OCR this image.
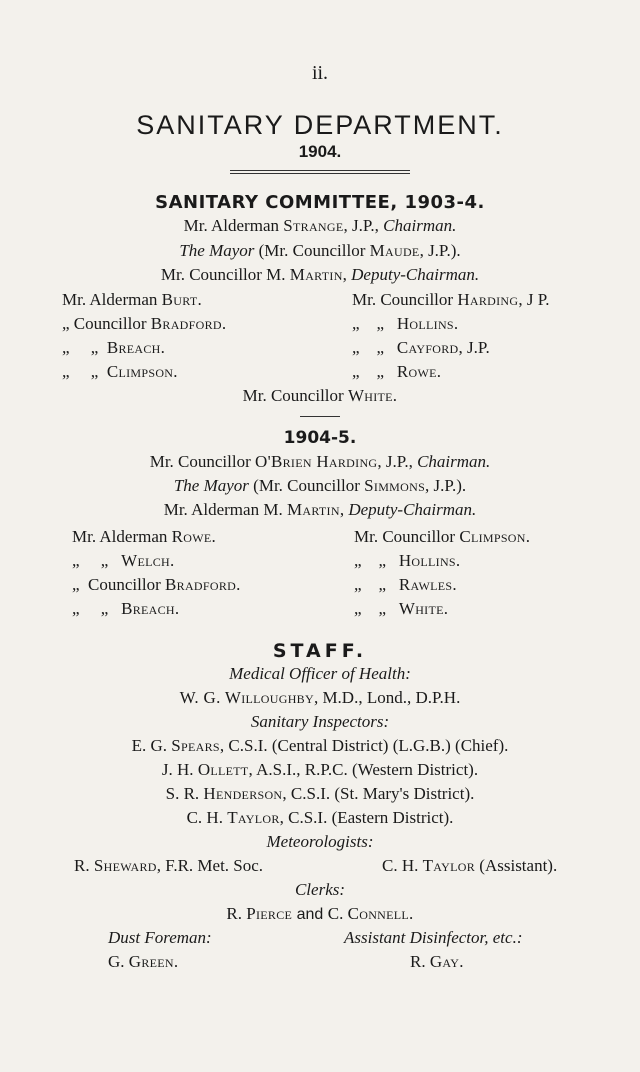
ii.
SANITARY DEPARTMENT.
1904.
SANITARY COMMITTEE, 1903-4.
Mr. Alderman Strange, J.P., Chairman.
The Mayor (Mr. Councillor Maude, J.P.).
Mr. Councillor M. Martin, Deputy-Chairman.
Mr. Alderman Burt.
„ Councillor Bradford.
„     „  Breach.
„     „  Climpson.
Mr. Councillor Harding, J P.
„    „   Hollins.
„    „   Cayford, J.P.
„    „   Rowe.
Mr. Councillor White.
1904-5.
Mr. Councillor O'Brien Harding, J.P., Chairman.
The Mayor (Mr. Councillor Simmons, J.P.).
Mr. Alderman M. Martin, Deputy-Chairman.
Mr. Alderman Rowe.
„     „   Welch.
„  Councillor Bradford.
„     „   Breach.
Mr. Councillor Climpson.
„    „   Hollins.
„    „   Rawles.
„    „   White.
STAFF.
Medical Officer of Health:
W. G. Willoughby, M.D., Lond., D.P.H.
Sanitary Inspectors:
E. G. Spears, C.S.I. (Central District) (L.G.B.) (Chief).
J. H. Ollett, A.S.I., R.P.C. (Western District).
S. R. Henderson, C.S.I. (St. Mary's District).
C. H. Taylor, C.S.I. (Eastern District).
Meteorologists:
R. Sheward, F.R. Met. Soc.	C. H. Taylor (Assistant).
Clerks:
R. Pierce and C. Connell.
Dust Foreman:
G. Green.
Assistant Disinfector, etc.:
R. Gay.
